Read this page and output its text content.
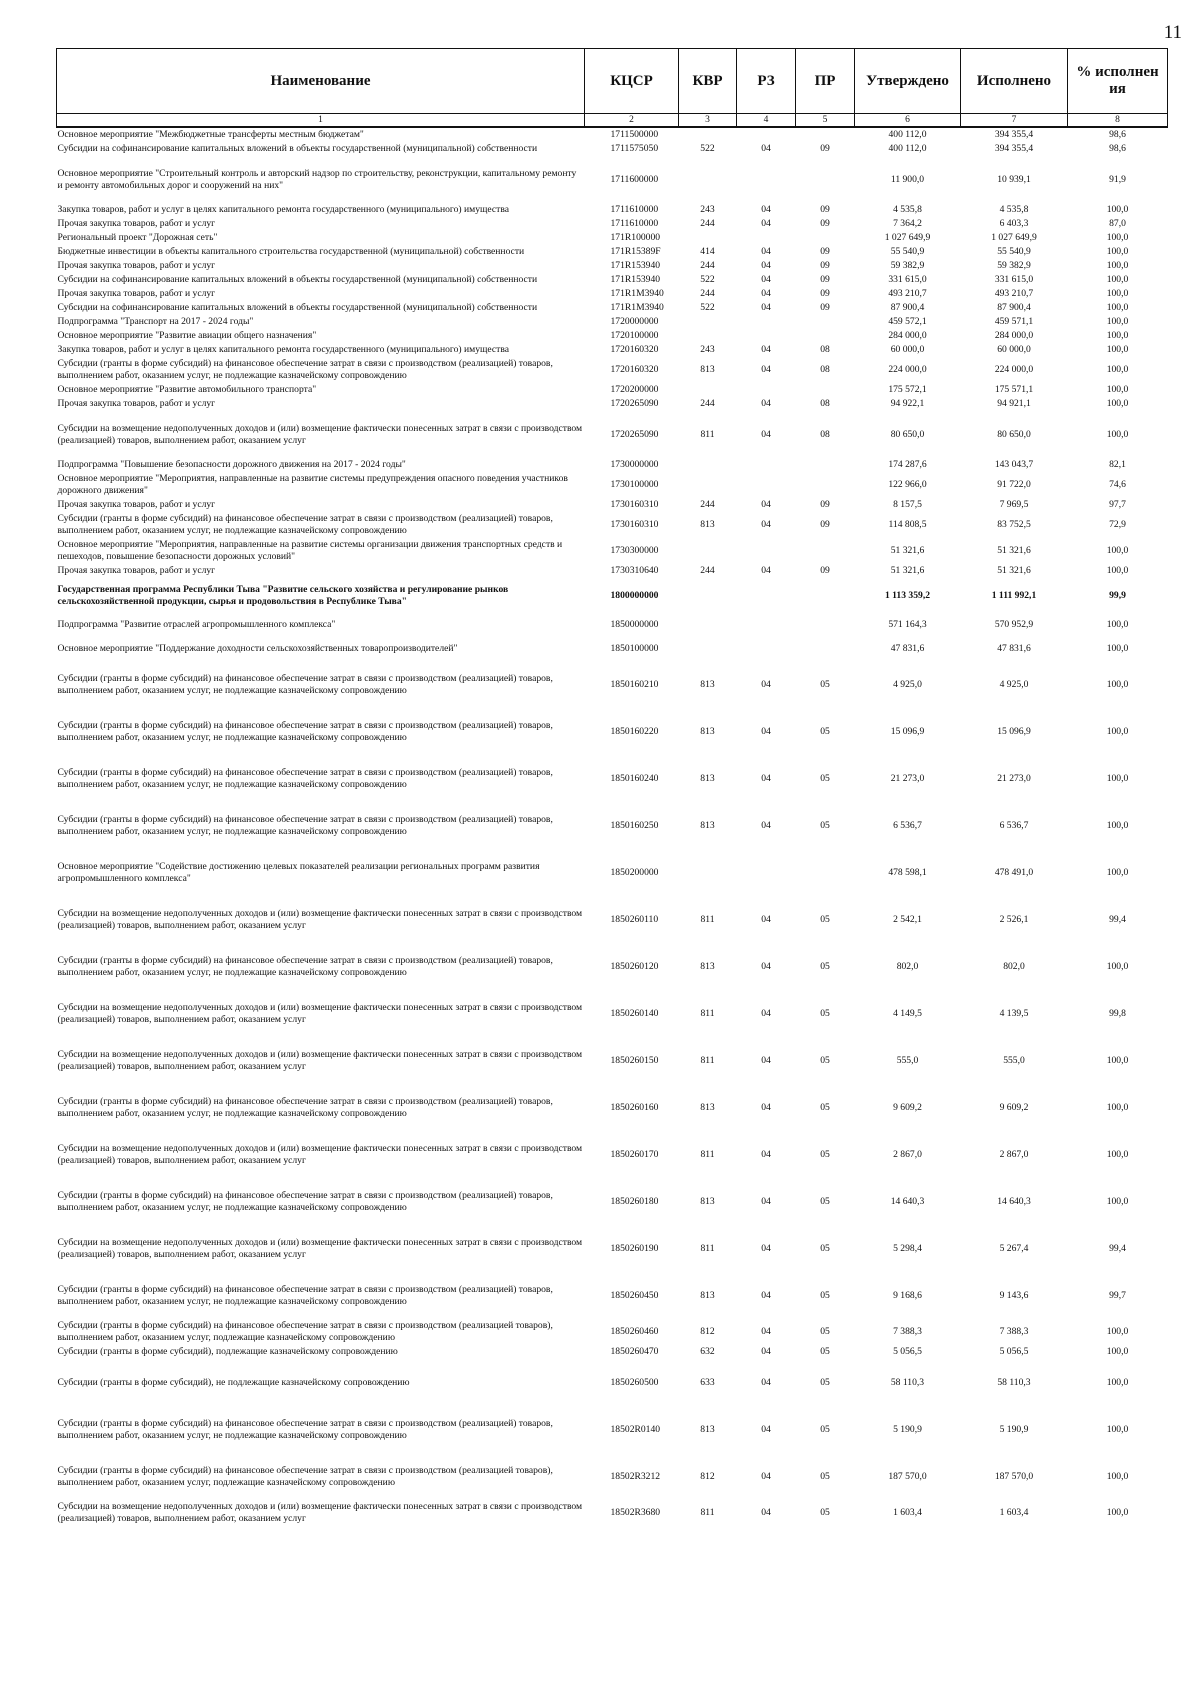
11
Наименование	КЦСР	КВР	РЗ	ПР	Утверждено	Исполнено	% исполнен ия
1	2	3	4	5	6	7	8
Основное мероприятие "Межбюджетные трансферты местным бюджетам"	1711500000				400 112,0	394 355,4	98,6
Субсидии на софинансирование капитальных вложений в объекты государственной (муниципальной) собственности	1711575050	522	04	09	400 112,0	394 355,4	98,6
Основное мероприятие "Строительный контроль и авторский надзор по строительству, реконструкции, капитальному ремонту и ремонту автомобильных дорог и сооружений на них"	1711600000				11 900,0	10 939,1	91,9
Закупка товаров, работ и услуг в целях капитального ремонта государственного (муниципального) имущества	1711610000	243	04	09	4 535,8	4 535,8	100,0
Прочая закупка товаров, работ и услуг	1711610000	244	04	09	7 364,2	6 403,3	87,0
Региональный проект "Дорожная сеть"	171R100000				1 027 649,9	1 027 649,9	100,0
Бюджетные инвестиции в объекты капитального строительства государственной (муниципальной) собственности	171R15389F	414	04	09	55 540,9	55 540,9	100,0
Прочая закупка товаров, работ и услуг	171R153940	244	04	09	59 382,9	59 382,9	100,0
Субсидии на софинансирование капитальных вложений в объекты государственной (муниципальной) собственности	171R153940	522	04	09	331 615,0	331 615,0	100,0
Прочая закупка товаров, работ и услуг	171R1M3940	244	04	09	493 210,7	493 210,7	100,0
Субсидии на софинансирование капитальных вложений в объекты государственной (муниципальной) собственности	171R1M3940	522	04	09	87 900,4	87 900,4	100,0
Подпрограмма "Транспорт на 2017 - 2024 годы"	1720000000				459 572,1	459 571,1	100,0
Основное мероприятие "Развитие авиации общего назначения"	1720100000				284 000,0	284 000,0	100,0
Закупка товаров, работ и услуг в целях капитального ремонта государственного (муниципального) имущества	1720160320	243	04	08	60 000,0	60 000,0	100,0
Субсидии (гранты в форме субсидий) на финансовое обеспечение затрат в связи с производством (реализацией) товаров, выполнением работ, оказанием услуг, не подлежащие казначейскому сопровождению	1720160320	813	04	08	224 000,0	224 000,0	100,0
Основное мероприятие "Развитие автомобильного транспорта"	1720200000				175 572,1	175 571,1	100,0
Прочая закупка товаров, работ и услуг	1720265090	244	04	08	94 922,1	94 921,1	100,0
Субсидии на возмещение недополученных доходов и (или) возмещение фактически понесенных затрат в связи с производством (реализацией) товаров, выполнением работ, оказанием услуг	1720265090	811	04	08	80 650,0	80 650,0	100,0
Подпрограмма "Повышение безопасности дорожного движения на 2017 - 2024 годы"	1730000000				174 287,6	143 043,7	82,1
Основное мероприятие "Мероприятия, направленные на развитие системы предупреждения опасного поведения участников дорожного движения"	1730100000				122 966,0	91 722,0	74,6
Прочая закупка товаров, работ и услуг	1730160310	244	04	09	8 157,5	7 969,5	97,7
Субсидии (гранты в форме субсидий) на финансовое обеспечение затрат в связи с производством (реализацией) товаров, выполнением работ, оказанием услуг, не подлежащие казначейскому сопровождению	1730160310	813	04	09	114 808,5	83 752,5	72,9
Основное мероприятие "Мероприятия, направленные на развитие системы организации движения транспортных средств и пешеходов, повышение безопасности дорожных условий"	1730300000				51 321,6	51 321,6	100,0
Прочая закупка товаров, работ и услуг	1730310640	244	04	09	51 321,6	51 321,6	100,0
Государственная программа Республики Тыва "Развитие сельского хозяйства и регулирование рынков сельскохозяйственной продукции, сырья и продовольствия в Республике Тыва"	1800000000				1 113 359,2	1 111 992,1	99,9
Подпрограмма "Развитие отраслей агропромышленного комплекса"	1850000000				571 164,3	570 952,9	100,0
Основное мероприятие "Поддержание доходности сельскохозяйственных товаропроизводителей"	1850100000				47 831,6	47 831,6	100,0
Субсидии (гранты в форме субсидий) на финансовое обеспечение затрат в связи с производством (реализацией) товаров, выполнением работ, оказанием услуг, не подлежащие казначейскому сопровождению	1850160210	813	04	05	4 925,0	4 925,0	100,0
Субсидии (гранты в форме субсидий) на финансовое обеспечение затрат в связи с производством (реализацией) товаров, выполнением работ, оказанием услуг, не подлежащие казначейскому сопровождению	1850160220	813	04	05	15 096,9	15 096,9	100,0
Субсидии (гранты в форме субсидий) на финансовое обеспечение затрат в связи с производством (реализацией) товаров, выполнением работ, оказанием услуг, не подлежащие казначейскому сопровождению	1850160240	813	04	05	21 273,0	21 273,0	100,0
Субсидии (гранты в форме субсидий) на финансовое обеспечение затрат в связи с производством (реализацией) товаров, выполнением работ, оказанием услуг, не подлежащие казначейскому сопровождению	1850160250	813	04	05	6 536,7	6 536,7	100,0
Основное мероприятие "Содействие достижению целевых показателей реализации региональных программ развития агропромышленного комплекса"	1850200000				478 598,1	478 491,0	100,0
Субсидии на возмещение недополученных доходов и (или) возмещение фактически понесенных затрат в связи с производством (реализацией) товаров, выполнением работ, оказанием услуг	1850260110	811	04	05	2 542,1	2 526,1	99,4
Субсидии (гранты в форме субсидий) на финансовое обеспечение затрат в связи с производством (реализацией) товаров, выполнением работ, оказанием услуг, не подлежащие казначейскому сопровождению	1850260120	813	04	05	802,0	802,0	100,0
Субсидии на возмещение недополученных доходов и (или) возмещение фактически понесенных затрат в связи с производством (реализацией) товаров, выполнением работ, оказанием услуг	1850260140	811	04	05	4 149,5	4 139,5	99,8
Субсидии на возмещение недополученных доходов и (или) возмещение фактически понесенных затрат в связи с производством (реализацией) товаров, выполнением работ, оказанием услуг	1850260150	811	04	05	555,0	555,0	100,0
Субсидии (гранты в форме субсидий) на финансовое обеспечение затрат в связи с производством (реализацией) товаров, выполнением работ, оказанием услуг, не подлежащие казначейскому сопровождению	1850260160	813	04	05	9 609,2	9 609,2	100,0
Субсидии на возмещение недополученных доходов и (или) возмещение фактически понесенных затрат в связи с производством (реализацией) товаров, выполнением работ, оказанием услуг	1850260170	811	04	05	2 867,0	2 867,0	100,0
Субсидии (гранты в форме субсидий) на финансовое обеспечение затрат в связи с производством (реализацией) товаров, выполнением работ, оказанием услуг, не подлежащие казначейскому сопровождению	1850260180	813	04	05	14 640,3	14 640,3	100,0
Субсидии на возмещение недополученных доходов и (или) возмещение фактически понесенных затрат в связи с производством (реализацией) товаров, выполнением работ, оказанием услуг	1850260190	811	04	05	5 298,4	5 267,4	99,4
Субсидии (гранты в форме субсидий) на финансовое обеспечение затрат в связи с производством (реализацией) товаров, выполнением работ, оказанием услуг, не подлежащие казначейскому сопровождению	1850260450	813	04	05	9 168,6	9 143,6	99,7
Субсидии (гранты в форме субсидий) на финансовое обеспечение затрат в связи с производством (реализацией товаров), выполнением работ, оказанием услуг, подлежащие казначейскому сопровождению	1850260460	812	04	05	7 388,3	7 388,3	100,0
Субсидии (гранты в форме субсидий), подлежащие казначейскому сопровождению	1850260470	632	04	05	5 056,5	5 056,5	100,0
Субсидии (гранты в форме субсидий), не подлежащие казначейскому сопровождению	1850260500	633	04	05	58 110,3	58 110,3	100,0
Субсидии (гранты в форме субсидий) на финансовое обеспечение затрат в связи с производством (реализацией) товаров, выполнением работ, оказанием услуг, не подлежащие казначейскому сопровождению	18502R0140	813	04	05	5 190,9	5 190,9	100,0
Субсидии (гранты в форме субсидий) на финансовое обеспечение затрат в связи с производством (реализацией товаров), выполнением работ, оказанием услуг, подлежащие казначейскому сопровождению	18502R3212	812	04	05	187 570,0	187 570,0	100,0
Субсидии на возмещение недополученных доходов и (или) возмещение фактически понесенных затрат в связи с производством (реализацией) товаров, выполнением работ, оказанием услуг	18502R3680	811	04	05	1 603,4	1 603,4	100,0
